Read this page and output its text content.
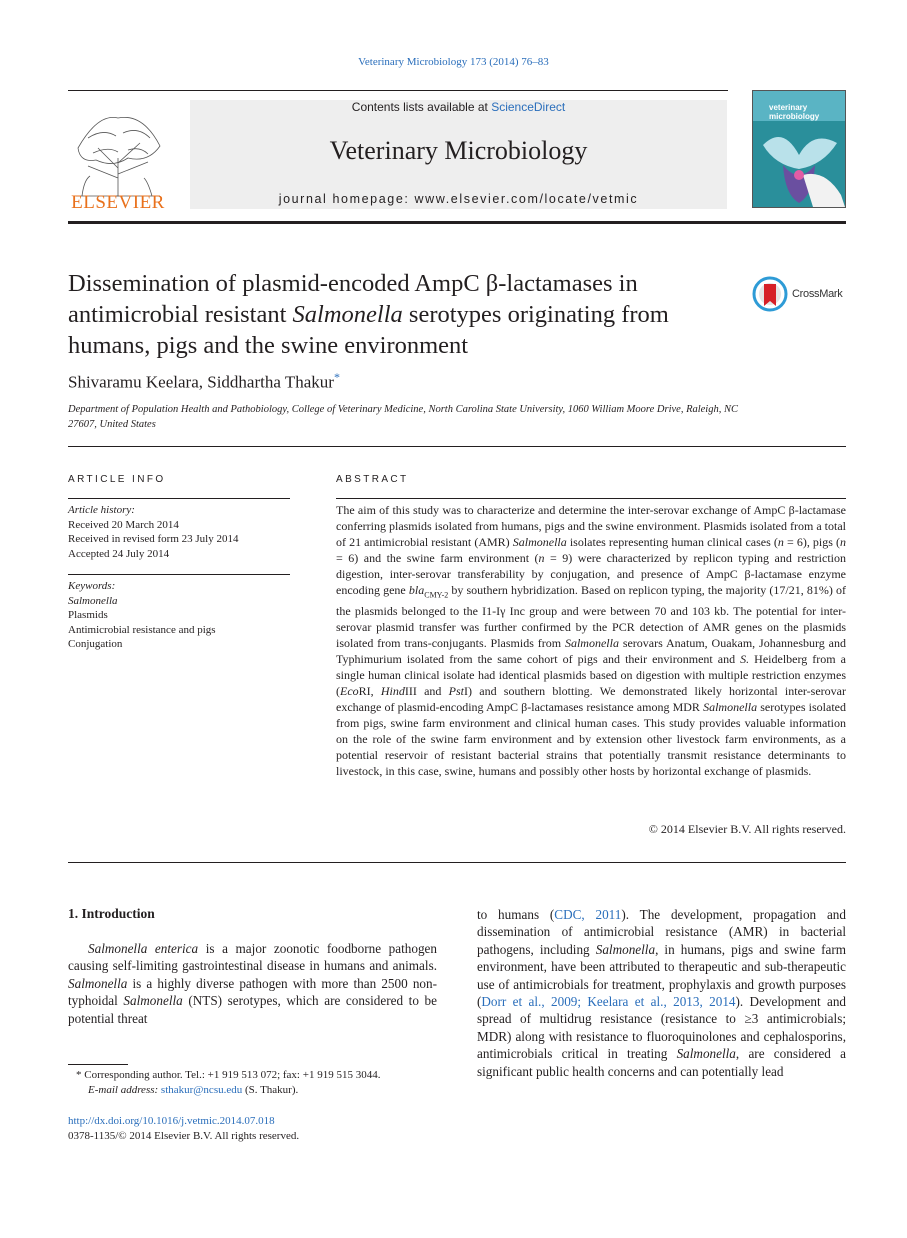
Veterinary Microbiology 173 (2014) 76–83
ELSEVIER
Contents lists available at ScienceDirect
Veterinary Microbiology
journal homepage: www.elsevier.com/locate/vetmic
veterinary
microbiology
Dissemination of plasmid-encoded AmpC β-lactamases in antimicrobial resistant Salmonella serotypes originating from humans, pigs and the swine environment
CrossMark
Shivaramu Keelara, Siddhartha Thakur*
Department of Population Health and Pathobiology, College of Veterinary Medicine, North Carolina State University, 1060 William Moore Drive, Raleigh, NC 27607, United States
ARTICLE INFO
Article history:
Received 20 March 2014
Received in revised form 23 July 2014
Accepted 24 July 2014
Keywords:
Salmonella
Plasmids
Antimicrobial resistance and pigs
Conjugation
ABSTRACT
The aim of this study was to characterize and determine the inter-serovar exchange of AmpC β-lactamase conferring plasmids isolated from humans, pigs and the swine environment. Plasmids isolated from a total of 21 antimicrobial resistant (AMR) Salmonella isolates representing human clinical cases (n = 6), pigs (n = 6) and the swine farm environment (n = 9) were characterized by replicon typing and restriction digestion, inter-serovar transferability by conjugation, and presence of AmpC β-lactamase enzyme encoding gene bla$_{CMY-2}$ by southern hybridization. Based on replicon typing, the majority (17/21, 81%) of the plasmids belonged to the I1-Iγ Inc group and were between 70 and 103 kb. The potential for inter-serovar plasmid transfer was further confirmed by the PCR detection of AMR genes on the plasmids isolated from trans-conjugants. Plasmids from Salmonella serovars Anatum, Ouakam, Johannesburg and Typhimurium isolated from the same cohort of pigs and their environment and S. Heidelberg from a single human clinical isolate had identical plasmids based on digestion with multiple restriction enzymes (EcoRI, HindIII and PstI) and southern blotting. We demonstrated likely horizontal inter-serovar exchange of plasmid-encoding AmpC β-lactamases resistance among MDR Salmonella serotypes isolated from pigs, swine farm environment and clinical human cases. This study provides valuable information on the role of the swine farm environment and by extension other livestock farm environments, as a potential reservoir of resistant bacterial strains that potentially transmit resistance determinants to livestock, in this case, swine, humans and possibly other hosts by horizontal exchange of plasmids.
© 2014 Elsevier B.V. All rights reserved.
1. Introduction
Salmonella enterica is a major zoonotic foodborne pathogen causing self-limiting gastrointestinal disease in humans and animals. Salmonella is a highly diverse pathogen with more than 2500 non-typhoidal Salmonella (NTS) serotypes, which are considered to be potential threat
to humans (CDC, 2011). The development, propagation and dissemination of antimicrobial resistance (AMR) in bacterial pathogens, including Salmonella, in humans, pigs and swine farm environment, have been attributed to therapeutic and sub-therapeutic use of antimicrobials for treatment, prophylaxis and growth purposes (Dorr et al., 2009; Keelara et al., 2013, 2014). Development and spread of multidrug resistance (resistance to ≥3 antimicrobials; MDR) along with resistance to fluoroquinolones and cephalosporins, antimicrobials critical in treating Salmonella, are considered a significant public health concerns and can potentially lead
* Corresponding author. Tel.: +1 919 513 072; fax: +1 919 515 3044.
E-mail address: sthakur@ncsu.edu (S. Thakur).
http://dx.doi.org/10.1016/j.vetmic.2014.07.018
0378-1135/© 2014 Elsevier B.V. All rights reserved.
